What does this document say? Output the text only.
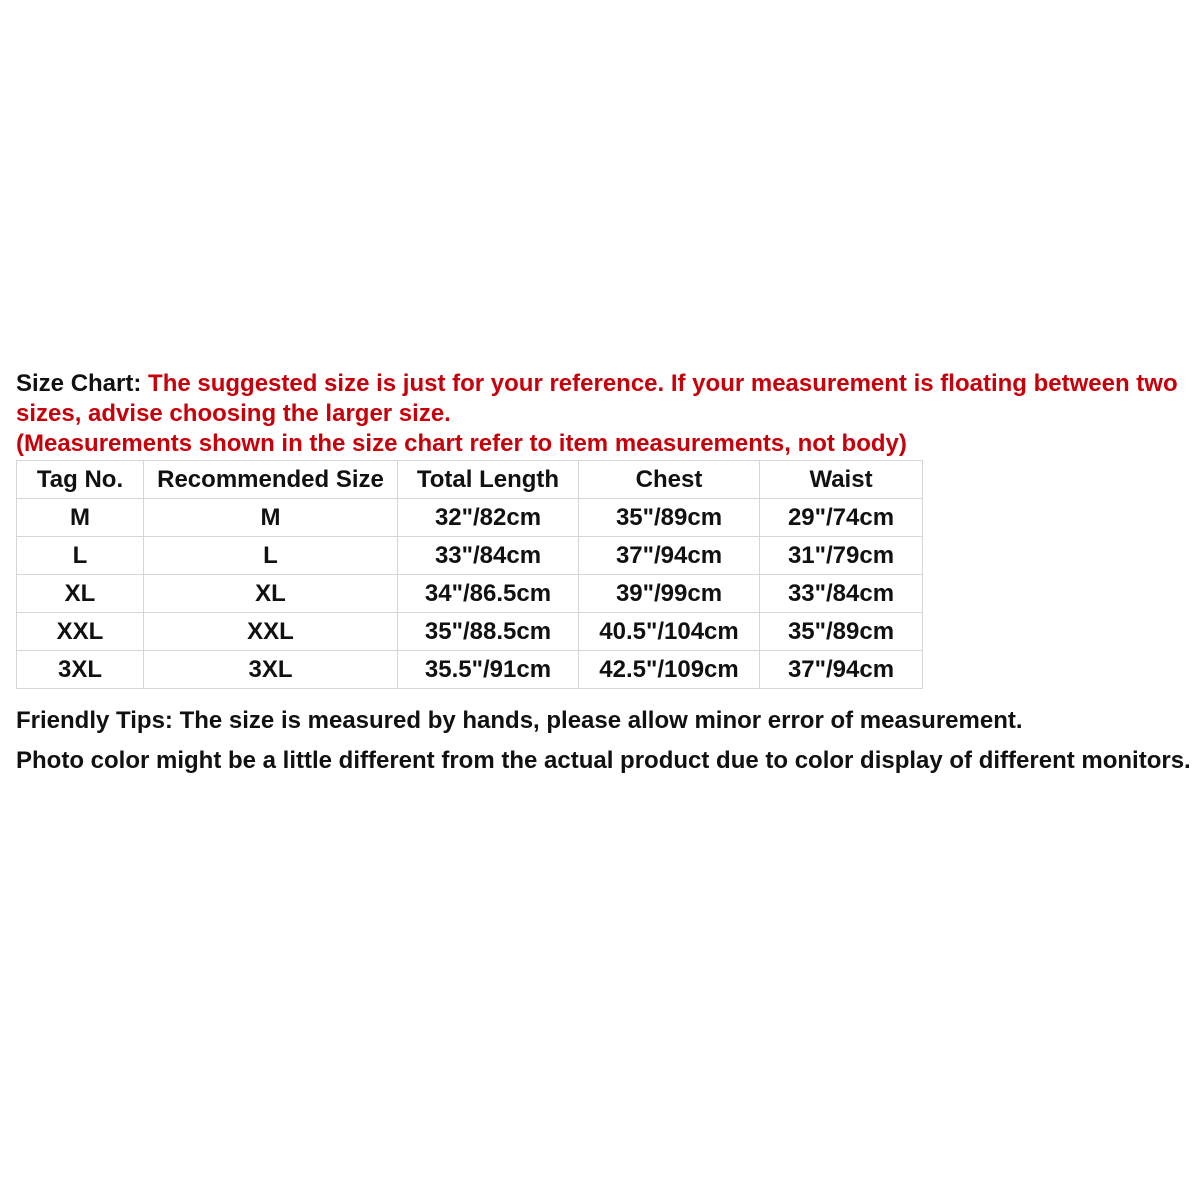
Size Chart: The suggested size is just for your reference. If your measurement is floating between two sizes, advise choosing the larger size.
(Measurements shown in the size chart refer to item measurements, not body)
Tag No.	Recommended Size	Total Length	Chest	Waist
M	M	32"/82cm	35"/89cm	29"/74cm
L	L	33"/84cm	37"/94cm	31"/79cm
XL	XL	34"/86.5cm	39"/99cm	33"/84cm
XXL	XXL	35"/88.5cm	40.5"/104cm	35"/89cm
3XL	3XL	35.5"/91cm	42.5"/109cm	37"/94cm

Friendly Tips: The size is measured by hands, please allow minor error of measurement.

Photo color might be a little different from the actual product due to color display of different monitors.
